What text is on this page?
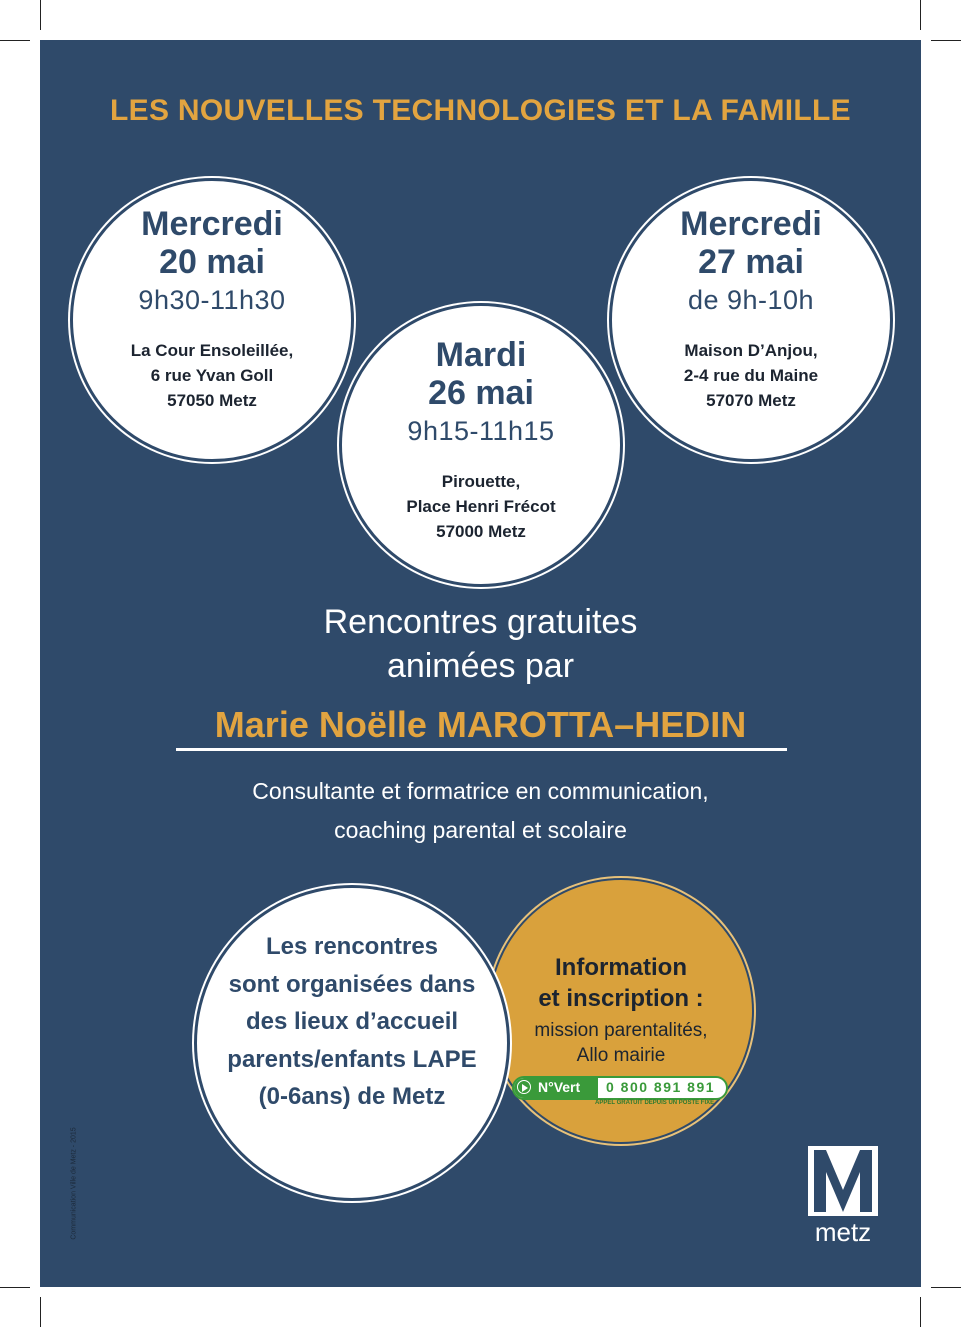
LES NOUVELLES TECHNOLOGIES ET LA FAMILLE
Mercredi
20 mai
9h30-11h30
La Cour Ensoleillée,
6 rue Yvan Goll
57050 Metz
Mercredi
27 mai
de 9h-10h
Maison D’Anjou,
2-4 rue du Maine
57070 Metz
Mardi
26 mai
9h15-11h15
Pirouette,
Place Henri Frécot
57000 Metz
Rencontres gratuites
animées par
Marie Noëlle MAROTTA–HEDIN
Consultante et formatrice en communication,
coaching parental et scolaire
Information
et inscription :
mission parentalités,
Allo mairie
Les rencontres
sont organisées dans
des lieux d’accueil
parents/enfants LAPE
(0-6ans) de Metz	N°Vert 0 800 891 891
APPEL GRATUIT DEPUIS UN POSTE FIXE
metz
Communication Ville de Metz - 2015
